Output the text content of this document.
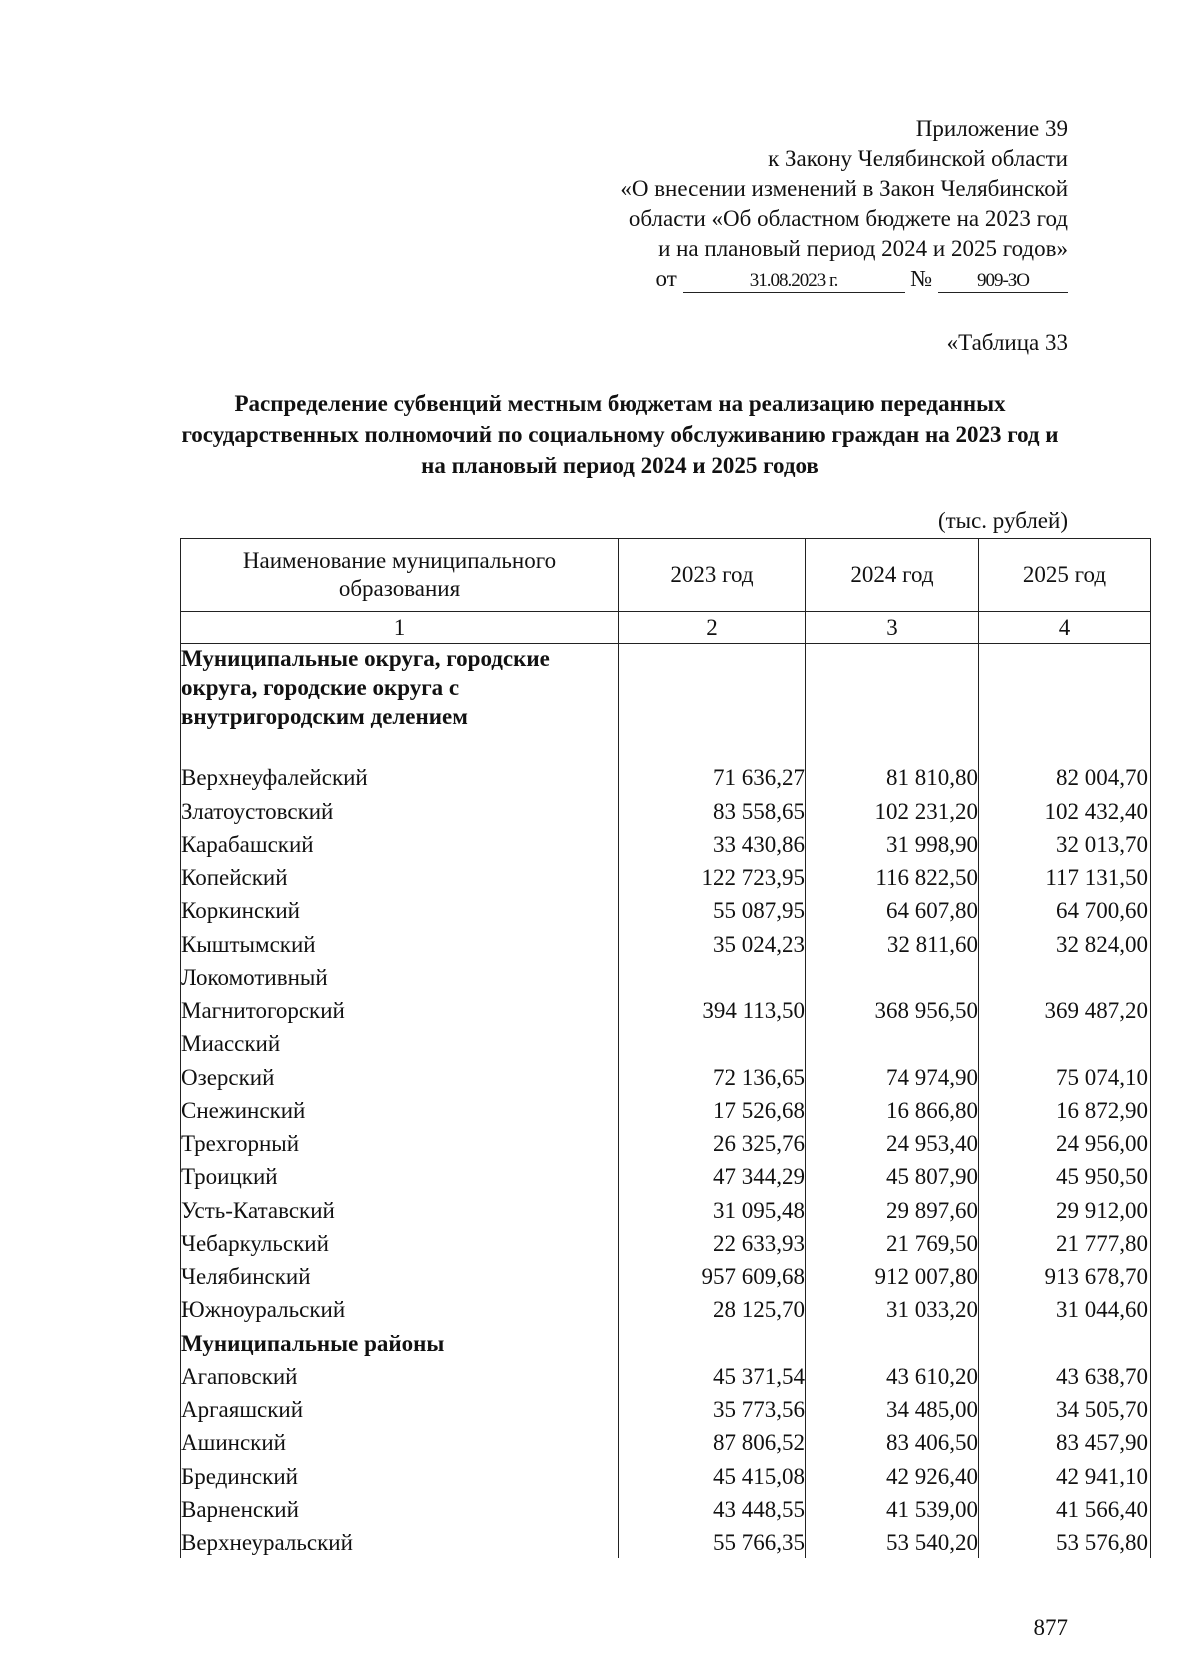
Приложение 39
к Закону Челябинской области
«О внесении изменений в Закон Челябинской
области «Об областном бюджете на 2023 год
и на плановый период 2024 и 2025 годов»
от	31.08.2023 г.	№ 909-ЗО
«Таблица 33
Распределение субвенций местным бюджетам на реализацию переданных государственных полномочий по социальному обслуживанию граждан на 2023 год и на плановый период 2024 и 2025 годов
(тыс. рублей)
Наименование муниципального образования	2023 год	2024 год	2025 год
1	2	3	4
Муниципальные округа, городские округа, городские округа с внутригородским делением			
Верхнеуфалейский	71 636,27	81 810,80	82 004,70
Златоустовский	83 558,65	102 231,20	102 432,40
Карабашский	33 430,86	31 998,90	32 013,70
Копейский	122 723,95	116 822,50	117 131,50
Коркинский	55 087,95	64 607,80	64 700,60
Кыштымский	35 024,23	32 811,60	32 824,00
Локомотивный			
Магнитогорский	394 113,50	368 956,50	369 487,20
Миасский			
Озерский	72 136,65	74 974,90	75 074,10
Снежинский	17 526,68	16 866,80	16 872,90
Трехгорный	26 325,76	24 953,40	24 956,00
Троицкий	47 344,29	45 807,90	45 950,50
Усть-Катавский	31 095,48	29 897,60	29 912,00
Чебаркульский	22 633,93	21 769,50	21 777,80
Челябинский	957 609,68	912 007,80	913 678,70
Южноуральский	28 125,70	31 033,20	31 044,60
Муниципальные районы			
Агаповский	45 371,54	43 610,20	43 638,70
Аргаяшский	35 773,56	34 485,00	34 505,70
Ашинский	87 806,52	83 406,50	83 457,90
Брединский	45 415,08	42 926,40	42 941,10
Варненский	43 448,55	41 539,00	41 566,40
Верхнеуральский	55 766,35	53 540,20	53 576,80
877
